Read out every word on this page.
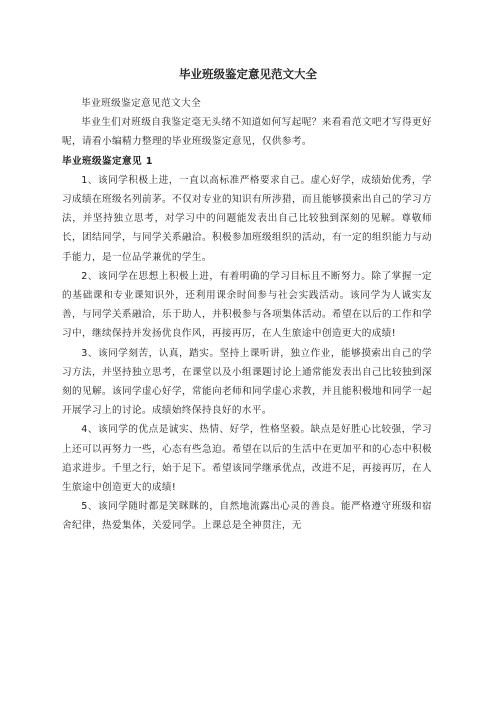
毕业班级鉴定意见范文大全

毕业班级鉴定意见范文大全

毕业生们对班级自我鉴定毫无头绪不知道如何写起呢？来看看范文吧才写得更好呢，请看小编精力整理的毕业班级鉴定意见，仅供参考。

毕业班级鉴定意见 1

1、该同学积极上进，一直以高标准严格要求自己。虚心好学，成绩始优秀，学习成绩在班级名列前茅。不仅对专业的知识有所涉猎，而且能够摸索出自己的学习方法，并坚持独立思考，对学习中的问题能发表出自己比较独到深刻的见解。尊敬师长，团结同学，与同学关系融洽。积极参加班级组织的活动，有一定的组织能力与动手能力，是一位品学兼优的学生。

2、该同学在思想上积极上进，有着明确的学习目标且不断努力。除了掌握一定的基础课和专业课知识外，还利用课余时间参与社会实践活动。该同学为人诚实友善，与同学关系融洽，乐于助人，并积极参与各项集体活动。希望在以后的工作和学习中，继续保持并发扬优良作风，再接再厉，在人生旅途中创造更大的成绩!

3、该同学刻苦，认真，踏实。坚持上课听讲，独立作业，能够摸索出自己的学习方法，并坚持独立思考，在课堂以及小组课题讨论上通常能发表出自己比较独到深刻的见解。该同学虚心好学，常能向老师和同学虚心求教，并且能积极地和同学一起开展学习上的讨论。成绩始终保持良好的水平。

4、该同学的优点是诚实、热情、好学，性格坚毅。缺点是好胜心比较强，学习上还可以再努力一些，心态有些急迫。希望在以后的生活中在更加平和的心态中积极追求进步。千里之行，始于足下。希望该同学继承优点，改进不足，再接再厉，在人生旅途中创造更大的成绩!

5、该同学随时都是笑眯眯的，自然地流露出心灵的善良。能严格遵守班级和宿舍纪律，热爱集体，关爱同学。上课总是全神贯注，无
